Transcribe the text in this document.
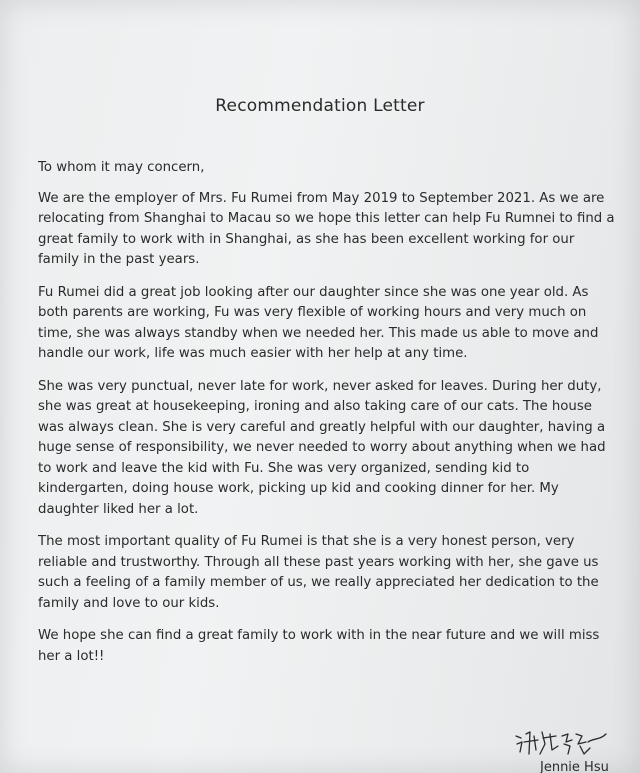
Recommendation Letter

To whom it may concern,

We are the employer of Mrs. Fu Rumei from May 2019 to September 2021. As we are relocating from Shanghai to Macau so we hope this letter can help Fu Rumnei to find a great family to work with in Shanghai, as she has been excellent working for our family in the past years.

Fu Rumei did a great job looking after our daughter since she was one year old. As both parents are working, Fu was very flexible of working hours and very much on time, she was always standby when we needed her. This made us able to move and handle our work, life was much easier with her help at any time.

She was very punctual, never late for work, never asked for leaves. During her duty, she was great at housekeeping, ironing and also taking care of our cats. The house was always clean. She is very careful and greatly helpful with our daughter, having a huge sense of responsibility, we never needed to worry about anything when we had to work and leave the kid with Fu. She was very organized, sending kid to kindergarten, doing house work, picking up kid and cooking dinner for her. My daughter liked her a lot.

The most important quality of Fu Rumei is that she is a very honest person, very reliable and trustworthy. Through all these past years working with her, she gave us such a feeling of a family member of us, we really appreciated her dedication to the family and love to our kids.

We hope she can find a great family to work with in the near future and we will miss her a lot!!

Jennie Hsu
